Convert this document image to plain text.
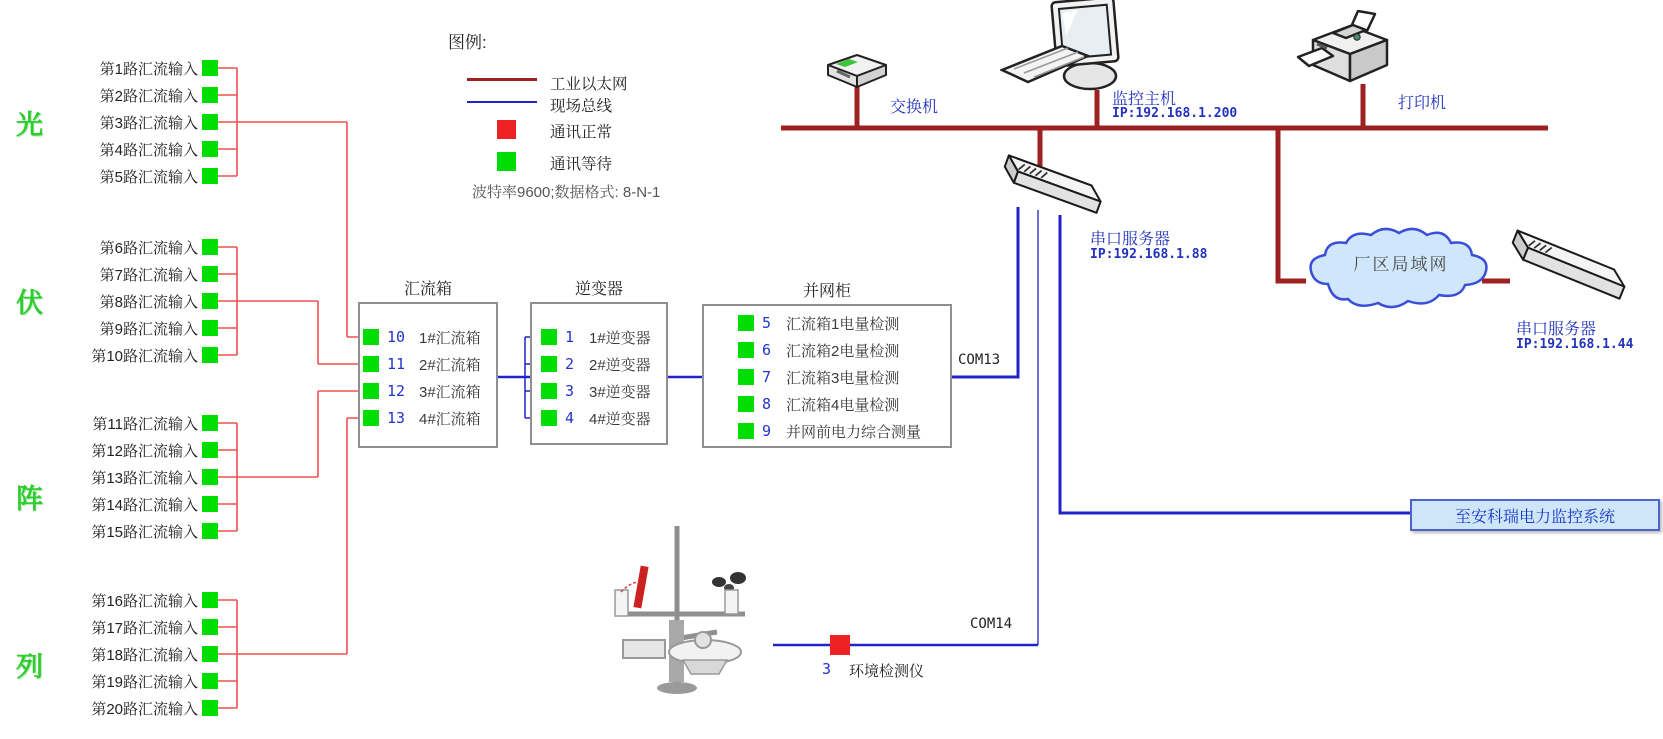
图例:
工业以太网
现场总线
通讯正常
通讯等待
波特率9600;数据格式: 8-N-1
光
伏
阵
列
第1路汇流输入
第2路汇流输入
第3路汇流输入
第4路汇流输入
第5路汇流输入
第6路汇流输入
第7路汇流输入
第8路汇流输入
第9路汇流输入
第10路汇流输入
第11路汇流输入
第12路汇流输入
第13路汇流输入
第14路汇流输入
第15路汇流输入
第16路汇流输入
第17路汇流输入
第18路汇流输入
第19路汇流输入
第20路汇流输入
汇流箱
10 1#汇流箱
11 2#汇流箱
12 3#汇流箱
13 4#汇流箱
逆变器
1 1#逆变器
2 2#逆变器
3 3#逆变器
4 4#逆变器
并网柜
5 汇流箱1电量检测
6 汇流箱2电量检测
7 汇流箱3电量检测
8 汇流箱4电量检测
9 并网前电力综合测量
交换机	监控主机
IP:192.168.1.200
打印机
串口服务器
IP:192.168.1.88
厂区局域网
串口服务器
IP:192.168.1.44
COM13
COM14
至安科瑞电力监控系统
3 环境检测仪
